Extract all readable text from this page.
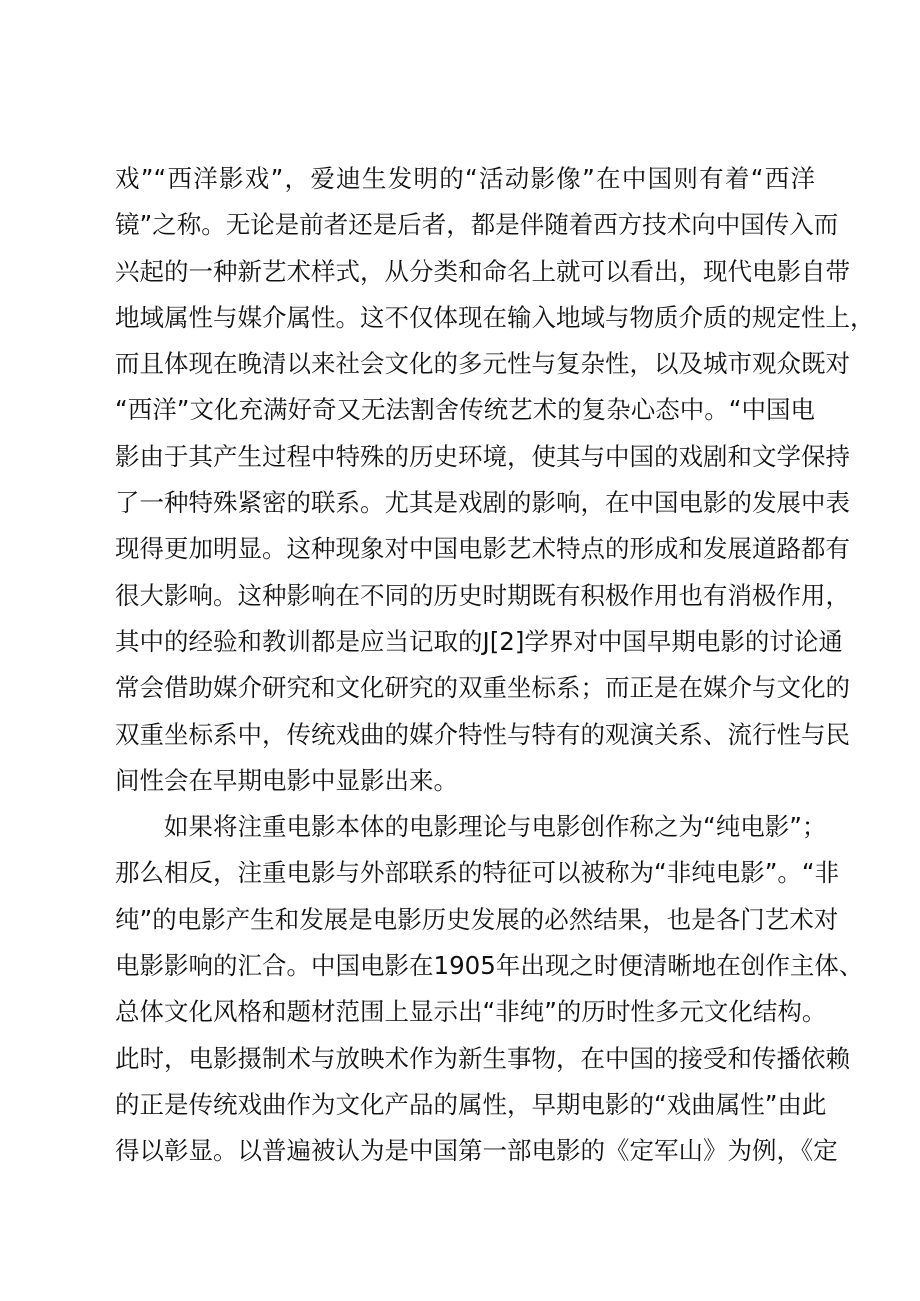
戏”“西洋影戏”，爱迪生发明的“活动影像”在中国则有着“西洋
镜”之称。无论是前者还是后者，都是伴随着西方技术向中国传入而
兴起的一种新艺术样式，从分类和命名上就可以看出，现代电影自带
地域属性与媒介属性。这不仅体现在输入地域与物质介质的规定性上，
而且体现在晚清以来社会文化的多元性与复杂性，以及城市观众既对
“西洋”文化充满好奇又无法割舍传统艺术的复杂心态中。“中国电
影由于其产生过程中特殊的历史环境，使其与中国的戏剧和文学保持
了一种特殊紧密的联系。尤其是戏剧的影响，在中国电影的发展中表
现得更加明显。这种现象对中国电影艺术特点的形成和发展道路都有
很大影响。这种影响在不同的历史时期既有积极作用也有消极作用，
其中的经验和教训都是应当记取的J[2]学界对中国早期电影的讨论通
常会借助媒介研究和文化研究的双重坐标系；而正是在媒介与文化的
双重坐标系中，传统戏曲的媒介特性与特有的观演关系、流行性与民
间性会在早期电影中显影出来。
　　如果将注重电影本体的电影理论与电影创作称之为“纯电影”；
那么相反，注重电影与外部联系的特征可以被称为“非纯电影”。“非
纯”的电影产生和发展是电影历史发展的必然结果，也是各门艺术对
电影影响的汇合。中国电影在1905年出现之时便清晰地在创作主体、
总体文化风格和题材范围上显示出“非纯”的历时性多元文化结构。
此时，电影摄制术与放映术作为新生事物，在中国的接受和传播依赖
的正是传统戏曲作为文化产品的属性，早期电影的“戏曲属性”由此
得以彰显。以普遍被认为是中国第一部电影的《定军山》为例，《定
